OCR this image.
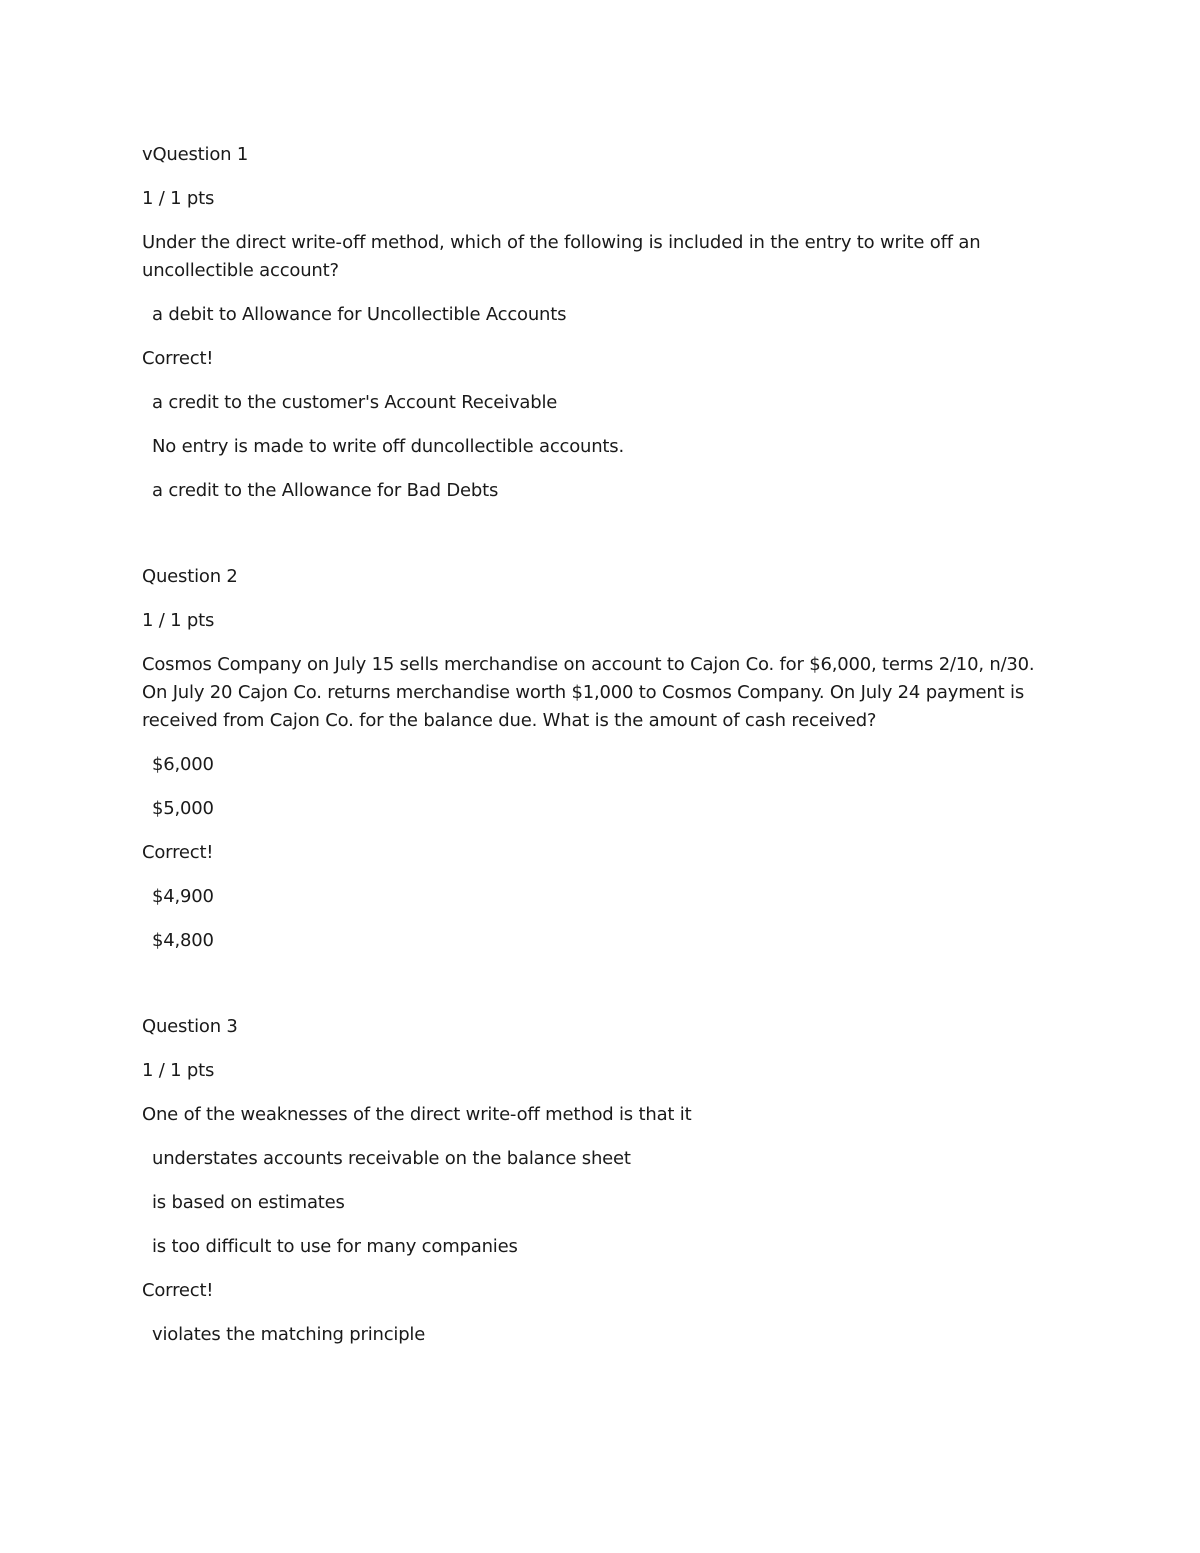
vQuestion 1
1 / 1 pts
Under the direct write-off method, which of the following is included in the entry to write off an uncollectible account?
a debit to Allowance for Uncollectible Accounts
Correct!
a credit to the customer's Account Receivable
No entry is made to write off duncollectible accounts.
a credit to the Allowance for Bad Debts
Question 2
1 / 1 pts
Cosmos Company on July 15 sells merchandise on account to Cajon Co. for $6,000, terms 2/10, n/30. On July 20 Cajon Co. returns merchandise worth $1,000 to Cosmos Company. On July 24 payment is received from Cajon Co. for the balance due. What is the amount of cash received?
$6,000
$5,000
Correct!
$4,900
$4,800
Question 3
1 / 1 pts
One of the weaknesses of the direct write-off method is that it
understates accounts receivable on the balance sheet
is based on estimates
is too difficult to use for many companies
Correct!
violates the matching principle
